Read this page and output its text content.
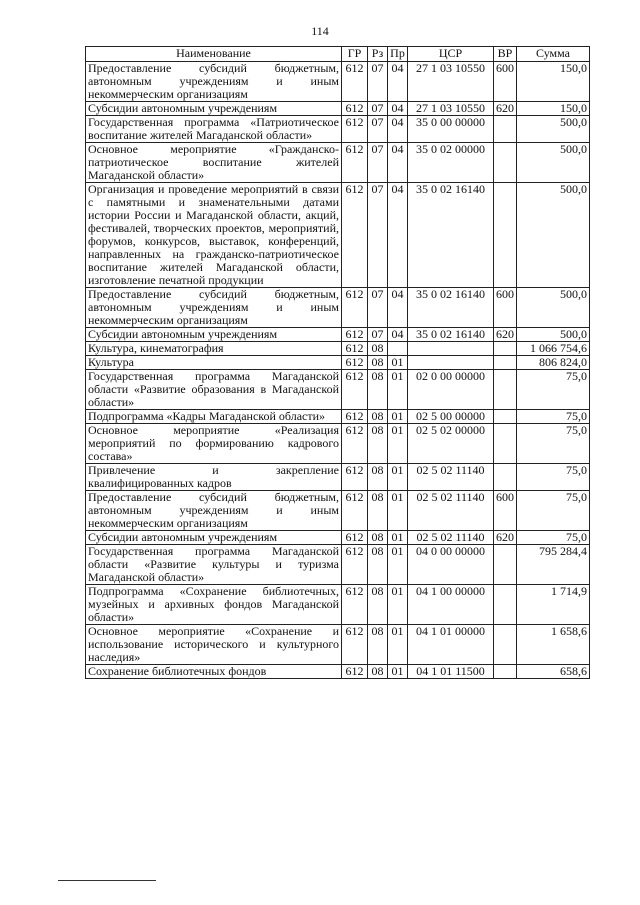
114
Наименование	ГР	Рз	Пр	ЦСР	ВР	Сумма
Предоставление субсидий бюджетным, автономным учреждениям и иным некоммерческим организациям	612	07	04	27 1 03 10550	600	150,0
Субсидии автономным учреждениям	612	07	04	27 1 03 10550	620	150,0
Государственная программа «Патриотическое воспитание жителей Магаданской области»	612	07	04	35 0 00 00000		500,0
Основное мероприятие «Гражданско-патриотическое воспитание жителей Магаданской области»	612	07	04	35 0 02 00000		500,0
Организация и проведение мероприятий в связи с памятными и знаменательными датами истории России и Магаданской области, акций, фестивалей, творческих проектов, мероприятий, форумов, конкурсов, выставок, конференций, направленных на гражданско-патриотическое воспитание жителей Магаданской области, изготовление печатной продукции	612	07	04	35 0 02 16140		500,0
Предоставление субсидий бюджетным, автономным учреждениям и иным некоммерческим организациям	612	07	04	35 0 02 16140	600	500,0
Субсидии автономным учреждениям	612	07	04	35 0 02 16140	620	500,0
Культура, кинематография	612	08				1 066 754,6
Культура	612	08	01			806 824,0
Государственная программа Магаданской области «Развитие образования в Магаданской области»	612	08	01	02 0 00 00000		75,0
Подпрограмма «Кадры Магаданской области»	612	08	01	02 5 00 00000		75,0
Основное мероприятие «Реализация мероприятий по формированию кадрового состава»	612	08	01	02 5 02 00000		75,0
Привлечение и закрепление квалифицированных кадров	612	08	01	02 5 02 11140		75,0
Предоставление субсидий бюджетным, автономным учреждениям и иным некоммерческим организациям	612	08	01	02 5 02 11140	600	75,0
Субсидии автономным учреждениям	612	08	01	02 5 02 11140	620	75,0
Государственная программа Магаданской области «Развитие культуры и туризма Магаданской области»	612	08	01	04 0 00 00000		795 284,4
Подпрограмма «Сохранение библиотечных, музейных и архивных фондов Магаданской области»	612	08	01	04 1 00 00000		1 714,9
Основное мероприятие «Сохранение и использование исторического и культурного наследия»	612	08	01	04 1 01 00000		1 658,6
Сохранение библиотечных фондов	612	08	01	04 1 01 11500		658,6
